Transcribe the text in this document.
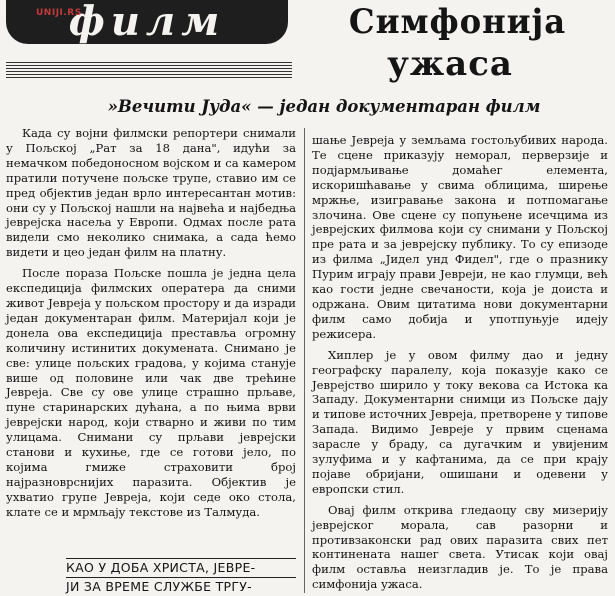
филм
UNIJI.RS	Симфонија
ужаса
»Вечити Јуда« — један документаран филм

Када су војни филмски репортери снимали у Пољској „Рат за 18 дана", идући за немачком победоносном војском и са камером пратили потучене пољске трупе, ставио им се пред објектив један врло интересантан мотив: они су у Пољској нашли на највећа и најбедња јеврејска насеља у Европи. Одмах после рата видели смо неколико снимака, а сада ћемо видети и цео један филм на платну.

После пораза Пољске пошла је једна цела експедиција филмских оператера да сними живот Јевреја у пољском простору и да изради један документаран филм. Материјал који је донела ова експедиција преставља огромну количину истинитих докумената. Снимано је све: улице пољских градова, у којима станује више од половине или чак две трећине Јевреја. Све су ове улице страшно прљаве, пуне старинарских дућана, а по њима врви јеврејски народ, који стварно и живи по тим улицама. Снимани су прљави јеврејски станови и кухиње, где се готови јело, по којима гмиже страховити број најразноврснијих паразита. Објектив је ухватио групе Јевреја, који седе око стола, клате се и мрмљају текстове из Талмуда.

КАО У ДОБА ХРИСТА, ЈЕВРЕ-
ЈИ ЗА ВРЕМЕ СЛУЖБЕ ТРГУ-

шање Јевреја у земљама гостољубивих народа. Те сцене приказују неморал, перверзије и подјармљивање домаћег елемента, искоришћавање у свима облицима, ширење мржње, изигравање закона и потпомагање злочина. Ове сцене су попуњене исечцима из јеврејских филмова који су снимани у Пољској пре рата и за јеврејску публику. То су епизоде из филма „Јидел унд Фидел", где о празнику Пурим играју прави Јевреји, не као глумци, већ као гости једне свечаности, која је доиста и одржана. Овим цитатима нови документарни филм само добија и употпуњује идеју режисера.

Хиплер је у овом филму дао и једну географску паралелу, која показује како се Јеврејство ширило у току векова са Истока ка Западу. Документарни снимци из Пољске дају и типове источних Јевреја, претворене у типове Запада. Видимо Јевреје у првим сценама зарасле у браду, са дугачким и увијеним зулуфима и у кафтанима, да се при крају појаве обријани, ошишани и одевени у европски стил.

Овај филм открива гледаоцу сву мизерију јеврејског морала, сав разорни и противзаконски рад ових паразита свих пет континената нашег света. Утисак који овај филм оставља неизгладив је. То је права симфонија ужаса.
